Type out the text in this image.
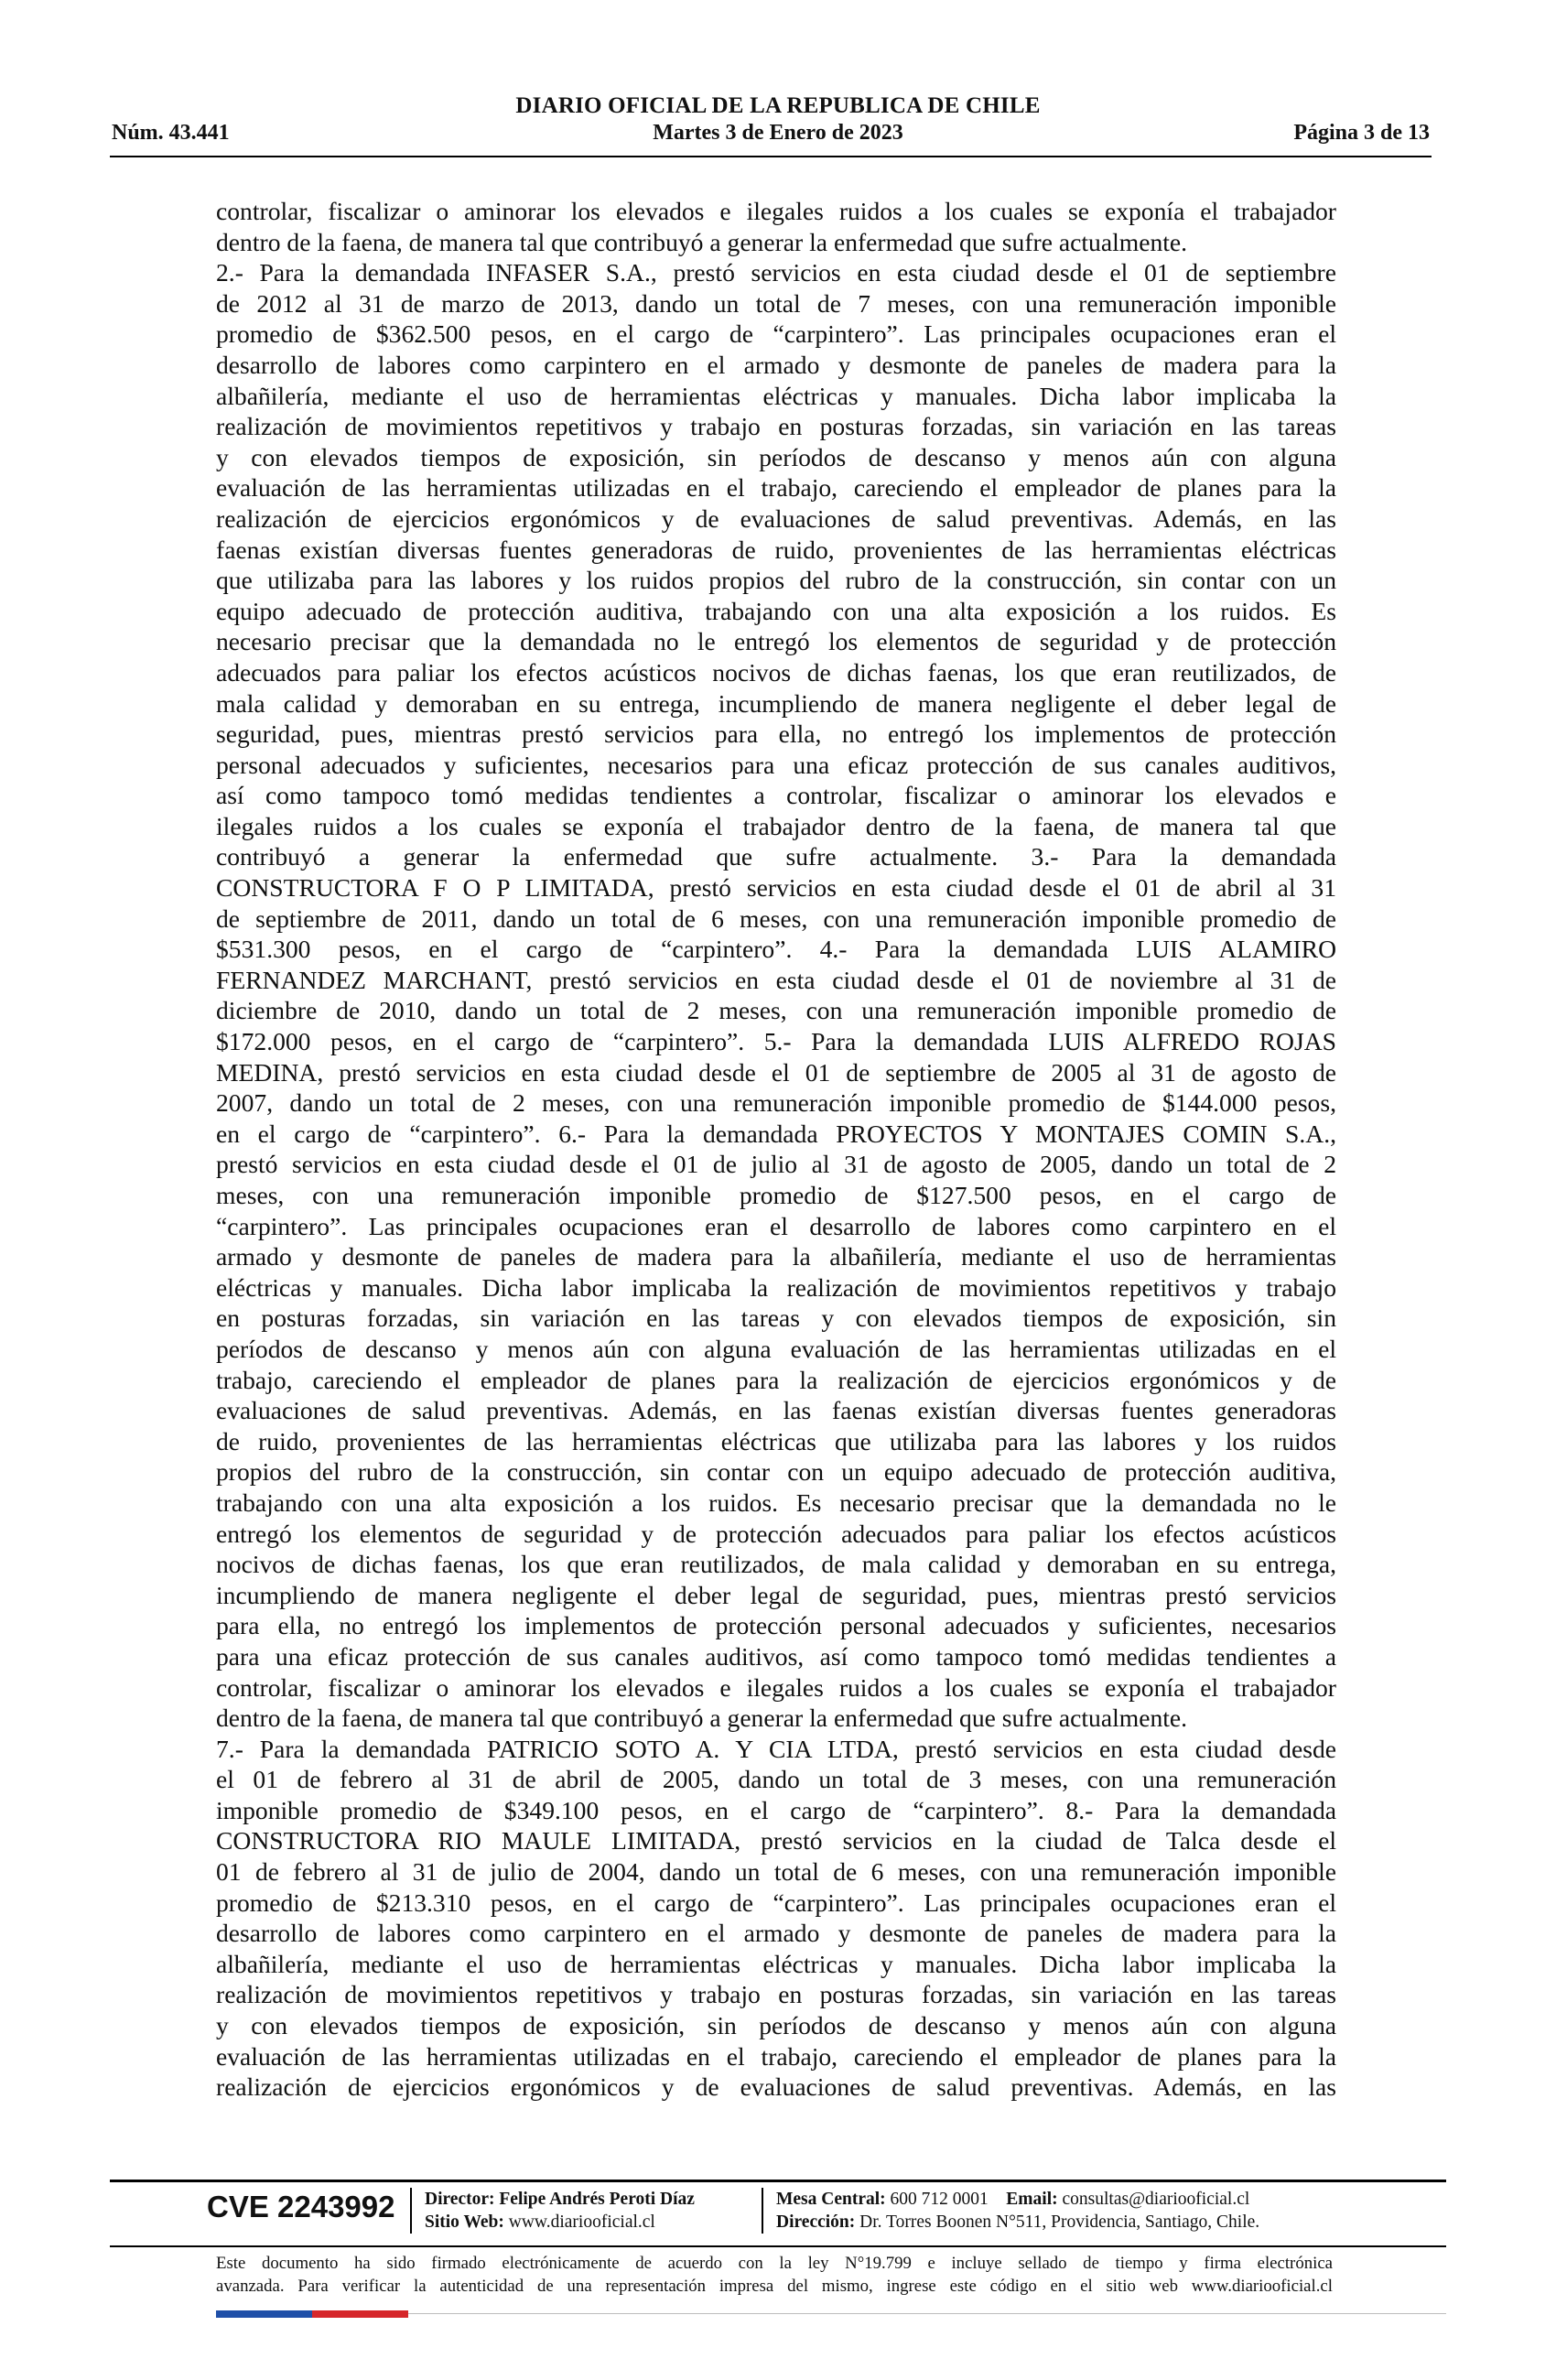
DIARIO OFICIAL DE LA REPUBLICA DE CHILE
Núm. 43.441	Martes 3 de Enero de 2023	Página 3 de 13
controlar, fiscalizar o aminorar los elevados e ilegales ruidos a los cuales se exponía el trabajador
dentro de la faena, de manera tal que contribuyó a generar la enfermedad que sufre actualmente.
2.- Para la demandada INFASER S.A., prestó servicios en esta ciudad desde el 01 de septiembre
de 2012 al 31 de marzo de 2013, dando un total de 7 meses, con una remuneración imponible
promedio de $362.500 pesos, en el cargo de “carpintero”. Las principales ocupaciones eran el
desarrollo de labores como carpintero en el armado y desmonte de paneles de madera para la
albañilería, mediante el uso de herramientas eléctricas y manuales. Dicha labor implicaba la
realización de movimientos repetitivos y trabajo en posturas forzadas, sin variación en las tareas
y con elevados tiempos de exposición, sin períodos de descanso y menos aún con alguna
evaluación de las herramientas utilizadas en el trabajo, careciendo el empleador de planes para la
realización de ejercicios ergonómicos y de evaluaciones de salud preventivas. Además, en las
faenas existían diversas fuentes generadoras de ruido, provenientes de las herramientas eléctricas
que utilizaba para las labores y los ruidos propios del rubro de la construcción, sin contar con un
equipo adecuado de protección auditiva, trabajando con una alta exposición a los ruidos. Es
necesario precisar que la demandada no le entregó los elementos de seguridad y de protección
adecuados para paliar los efectos acústicos nocivos de dichas faenas, los que eran reutilizados, de
mala calidad y demoraban en su entrega, incumpliendo de manera negligente el deber legal de
seguridad, pues, mientras prestó servicios para ella, no entregó los implementos de protección
personal adecuados y suficientes, necesarios para una eficaz protección de sus canales auditivos,
así como tampoco tomó medidas tendientes a controlar, fiscalizar o aminorar los elevados e
ilegales ruidos a los cuales se exponía el trabajador dentro de la faena, de manera tal que
contribuyó a generar la enfermedad que sufre actualmente. 3.- Para la demandada
CONSTRUCTORA F O P LIMITADA, prestó servicios en esta ciudad desde el 01 de abril al 31
de septiembre de 2011, dando un total de 6 meses, con una remuneración imponible promedio de
$531.300 pesos, en el cargo de “carpintero”. 4.- Para la demandada LUIS ALAMIRO
FERNANDEZ MARCHANT, prestó servicios en esta ciudad desde el 01 de noviembre al 31 de
diciembre de 2010, dando un total de 2 meses, con una remuneración imponible promedio de
$172.000 pesos, en el cargo de “carpintero”. 5.- Para la demandada LUIS ALFREDO ROJAS
MEDINA, prestó servicios en esta ciudad desde el 01 de septiembre de 2005 al 31 de agosto de
2007, dando un total de 2 meses, con una remuneración imponible promedio de $144.000 pesos,
en el cargo de “carpintero”. 6.- Para la demandada PROYECTOS Y MONTAJES COMIN S.A.,
prestó servicios en esta ciudad desde el 01 de julio al 31 de agosto de 2005, dando un total de 2
meses, con una remuneración imponible promedio de $127.500 pesos, en el cargo de
“carpintero”. Las principales ocupaciones eran el desarrollo de labores como carpintero en el
armado y desmonte de paneles de madera para la albañilería, mediante el uso de herramientas
eléctricas y manuales. Dicha labor implicaba la realización de movimientos repetitivos y trabajo
en posturas forzadas, sin variación en las tareas y con elevados tiempos de exposición, sin
períodos de descanso y menos aún con alguna evaluación de las herramientas utilizadas en el
trabajo, careciendo el empleador de planes para la realización de ejercicios ergonómicos y de
evaluaciones de salud preventivas. Además, en las faenas existían diversas fuentes generadoras
de ruido, provenientes de las herramientas eléctricas que utilizaba para las labores y los ruidos
propios del rubro de la construcción, sin contar con un equipo adecuado de protección auditiva,
trabajando con una alta exposición a los ruidos. Es necesario precisar que la demandada no le
entregó los elementos de seguridad y de protección adecuados para paliar los efectos acústicos
nocivos de dichas faenas, los que eran reutilizados, de mala calidad y demoraban en su entrega,
incumpliendo de manera negligente el deber legal de seguridad, pues, mientras prestó servicios
para ella, no entregó los implementos de protección personal adecuados y suficientes, necesarios
para una eficaz protección de sus canales auditivos, así como tampoco tomó medidas tendientes a
controlar, fiscalizar o aminorar los elevados e ilegales ruidos a los cuales se exponía el trabajador
dentro de la faena, de manera tal que contribuyó a generar la enfermedad que sufre actualmente.
7.- Para la demandada PATRICIO SOTO A. Y CIA LTDA, prestó servicios en esta ciudad desde
el 01 de febrero al 31 de abril de 2005, dando un total de 3 meses, con una remuneración
imponible promedio de $349.100 pesos, en el cargo de “carpintero”. 8.- Para la demandada
CONSTRUCTORA RIO MAULE LIMITADA, prestó servicios en la ciudad de Talca desde el
01 de febrero al 31 de julio de 2004, dando un total de 6 meses, con una remuneración imponible
promedio de $213.310 pesos, en el cargo de “carpintero”. Las principales ocupaciones eran el
desarrollo de labores como carpintero en el armado y desmonte de paneles de madera para la
albañilería, mediante el uso de herramientas eléctricas y manuales. Dicha labor implicaba la
realización de movimientos repetitivos y trabajo en posturas forzadas, sin variación en las tareas
y con elevados tiempos de exposición, sin períodos de descanso y menos aún con alguna
evaluación de las herramientas utilizadas en el trabajo, careciendo el empleador de planes para la
realización de ejercicios ergonómicos y de evaluaciones de salud preventivas. Además, en las
CVE 2243992 Director: Felipe Andrés Peroti Díaz
Sitio Web: www.diariooficial.cl
Mesa Central: 600 712 0001 Email: consultas@diariooficial.cl
Dirección: Dr. Torres Boonen N°511, Providencia, Santiago, Chile.
Este documento ha sido firmado electrónicamente de acuerdo con la ley N°19.799 e incluye sellado de tiempo y firma electrónica
avanzada. Para verificar la autenticidad de una representación impresa del mismo, ingrese este código en el sitio web www.diariooficial.cl
